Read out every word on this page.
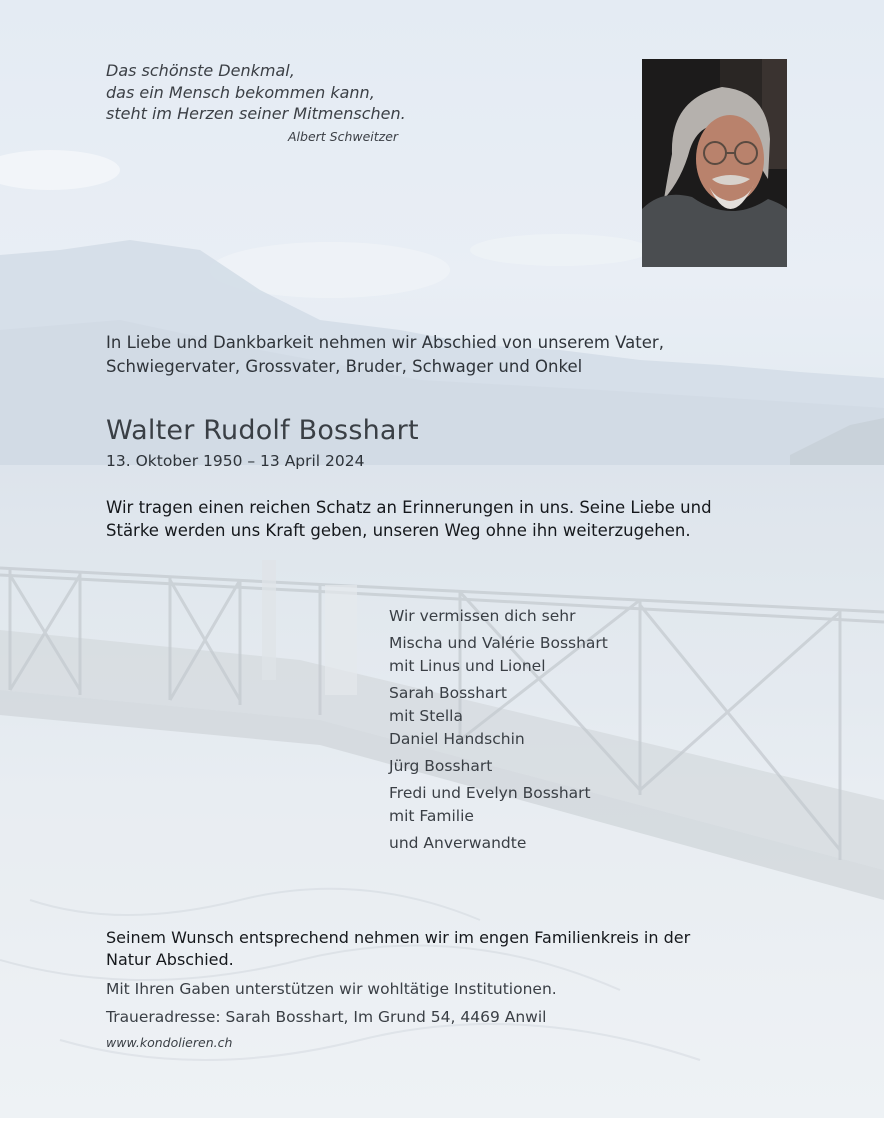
Das schönste Denkmal,
das ein Mensch bekommen kann,
steht im Herzen seiner Mitmenschen.
Albert Schweitzer
In Liebe und Dankbarkeit nehmen wir Abschied von unserem Vater,
Schwiegervater, Grossvater, Bruder, Schwager und Onkel
Walter Rudolf Bosshart
13. Oktober 1950 – 13 April 2024
Wir tragen einen reichen Schatz an Erinnerungen in uns. Seine Liebe und
Stärke werden uns Kraft geben, unseren Weg ohne ihn weiterzugehen.
Wir vermissen dich sehr
Mischa und Valérie Bosshart
mit Linus und Lionel
Sarah Bosshart
mit Stella
Daniel Handschin
Jürg Bosshart
Fredi und Evelyn Bosshart
mit Familie
und Anverwandte
Seinem Wunsch entsprechend nehmen wir im engen Familienkreis in der
Natur Abschied.
Mit Ihren Gaben unterstützen wir wohltätige Institutionen.
Traueradresse: Sarah Bosshart, Im Grund 54, 4469 Anwil
www.kondolieren.ch
